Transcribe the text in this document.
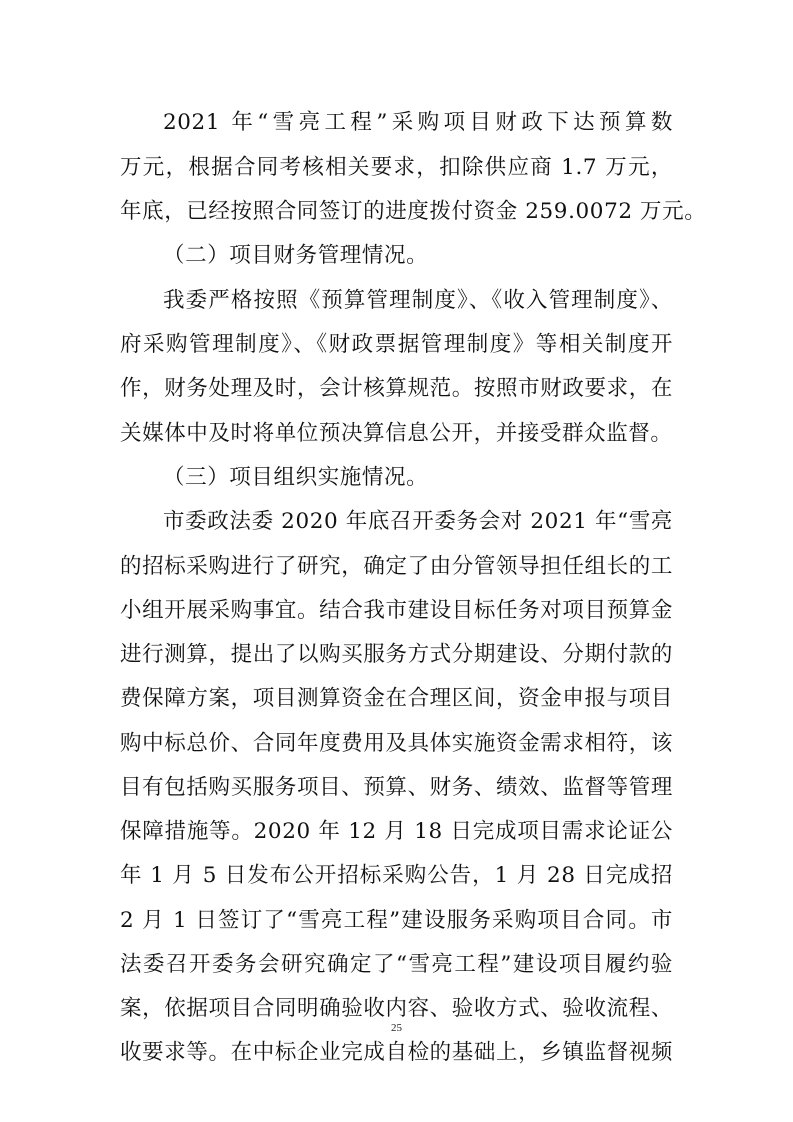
2021 年“雪亮工程”采购项目财政下达预算数
万元，根据合同考核相关要求，扣除供应商 1.7 万元，
年底，已经按照合同签订的进度拨付资金 259.0072 万元。
（二）项目财务管理情况。
我委严格按照《预算管理制度》、《收入管理制度》、
府采购管理制度》、《财政票据管理制度》等相关制度开
作，财务处理及时，会计核算规范。按照市财政要求，在
关媒体中及时将单位预决算信息公开，并接受群众监督。
（三）项目组织实施情况。
市委政法委 2020 年底召开委务会对 2021 年“雪亮
的招标采购进行了研究，确定了由分管领导担任组长的工
小组开展采购事宜。结合我市建设目标任务对项目预算金
进行测算，提出了以购买服务方式分期建设、分期付款的
费保障方案，项目测算资金在合理区间，资金申报与项目
购中标总价、合同年度费用及具体实施资金需求相符，该
目有包括购买服务项目、预算、财务、绩效、监督等管理
保障措施等。2020 年 12 月 18 日完成项目需求论证公
年 1 月 5 日发布公开招标采购公告，1 月 28 日完成招
2 月 1 日签订了“雪亮工程”建设服务采购项目合同。市
法委召开委务会研究确定了“雪亮工程”建设项目履约验
案，依据项目合同明确验收内容、验收方式、验收流程、
收要求等。在中标企业完成自检的基础上，乡镇监督视频
25
